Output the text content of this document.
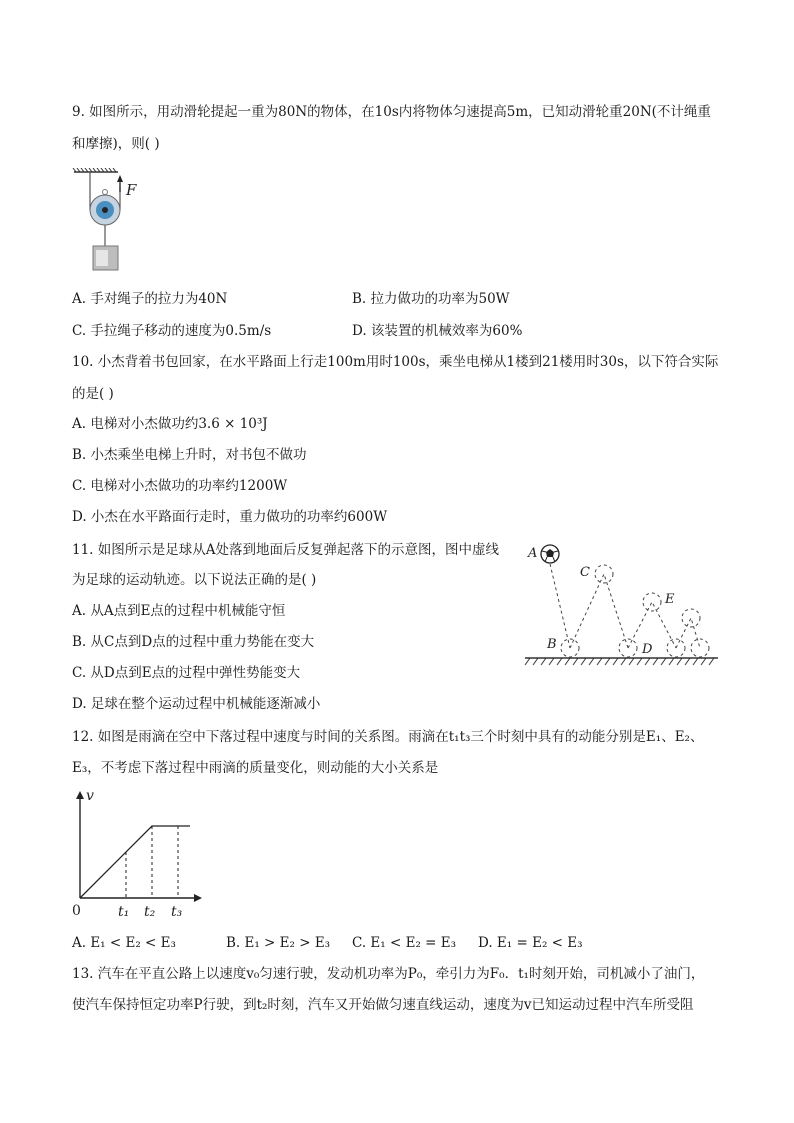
9. 如图所示，用动滑轮提起一重为80N的物体，在10s内将物体匀速提高5m，已知动滑轮重20N(不计绳重
和摩擦)，则( )
F
A. 手对绳子的拉力为40N	B. 拉力做功的功率为50W
C. 手拉绳子移动的速度为0.5m/s	D. 该装置的机械效率为60%
10. 小杰背着书包回家，在水平路面上行走100m用时100s，乘坐电梯从1楼到21楼用时30s，以下符合实际
的是( )
A. 电梯对小杰做功约3.6 × 10³J
B. 小杰乘坐电梯上升时，对书包不做功
C. 电梯对小杰做功的功率约1200W
D. 小杰在水平路面行走时，重力做功的功率约600W
11. 如图所示是足球从A处落到地面后反复弹起落下的示意图，图中虚线
为足球的运动轨迹。以下说法正确的是( )
A. 从A点到E点的过程中机械能守恒
B. 从C点到D点的过程中重力势能在变大
C. 从D点到E点的过程中弹性势能变大
D. 足球在整个运动过程中机械能逐渐减小
A
B
C
D
E
12. 如图是雨滴在空中下落过程中速度与时间的关系图。雨滴在t₁t₃三个时刻中具有的动能分别是E₁、E₂、
E₃，不考虑下落过程中雨滴的质量变化，则动能的大小关系是
v
t₁ t₂ t₃
0
A. E₁ < E₂ < E₃	B. E₁ > E₂ > E₃ C. E₁ < E₂ = E₃ D. E₁ = E₂ < E₃
13. 汽车在平直公路上以速度v₀匀速行驶，发动机功率为P₀，牵引力为F₀．t₁时刻开始，司机减小了油门，
使汽车保持恒定功率P行驶，到t₂时刻，汽车又开始做匀速直线运动，速度为v已知运动过程中汽车所受阻
